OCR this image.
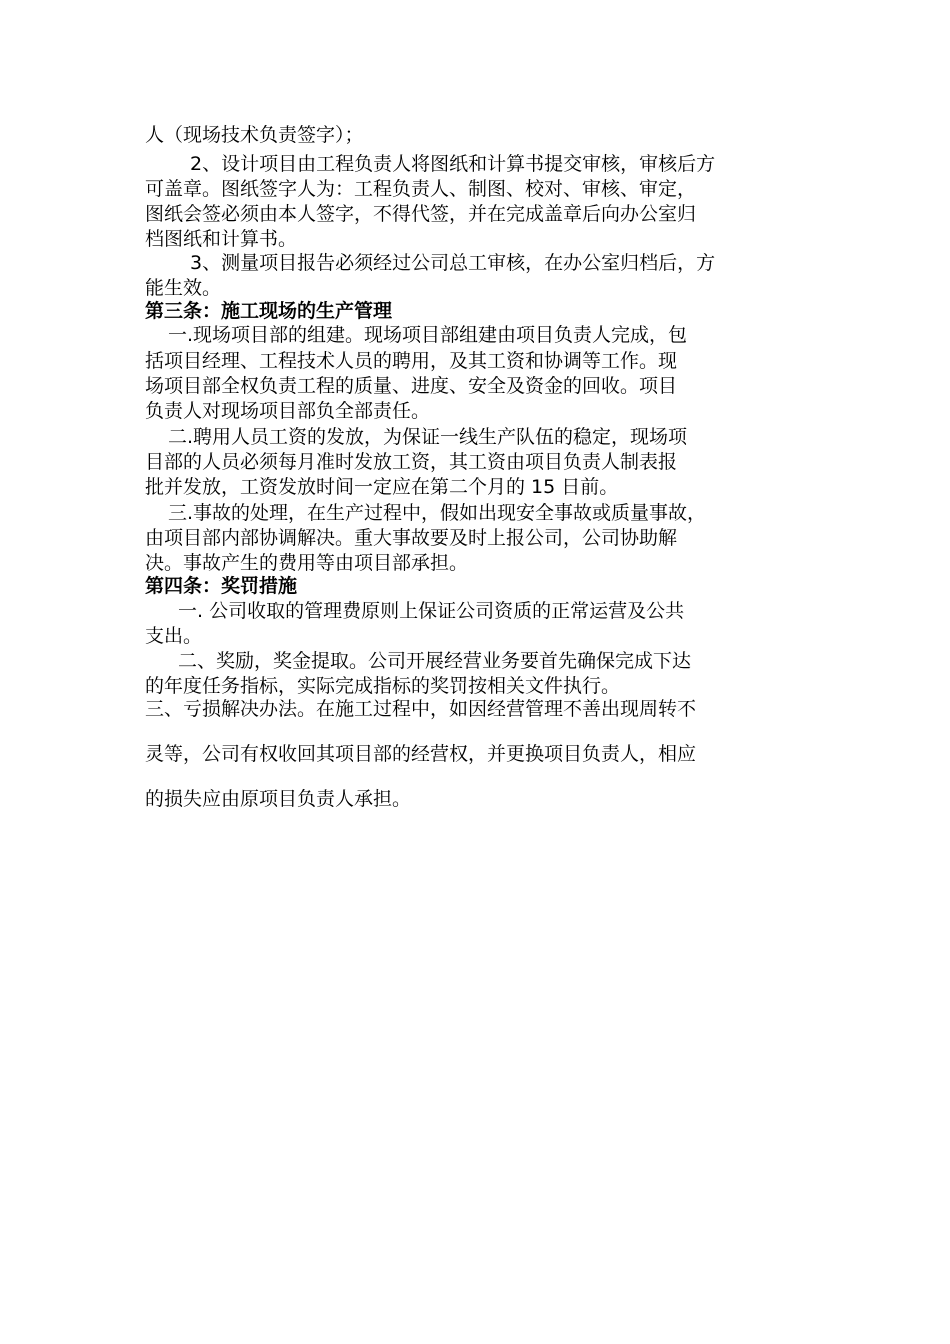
人（现场技术负责签字）；
2、设计项目由工程负责人将图纸和计算书提交审核，审核后方
可盖章。图纸签字人为：工程负责人、制图、校对、审核、审定，
图纸会签必须由本人签字，不得代签，并在完成盖章后向办公室归
档图纸和计算书。
3、测量项目报告必须经过公司总工审核，在办公室归档后，方
能生效。
第三条：施工现场的生产管理
一.现场项目部的组建。现场项目部组建由项目负责人完成，包
括项目经理、工程技术人员的聘用，及其工资和协调等工作。现
场项目部全权负责工程的质量、进度、安全及资金的回收。项目
负责人对现场项目部负全部责任。
二.聘用人员工资的发放，为保证一线生产队伍的稳定，现场项
目部的人员必须每月准时发放工资，其工资由项目负责人制表报
批并发放，工资发放时间一定应在第二个月的 15 日前。
三.事故的处理，在生产过程中，假如出现安全事故或质量事故，
由项目部内部协调解决。重大事故要及时上报公司，公司协助解
决。事故产生的费用等由项目部承担。
第四条：奖罚措施
一. 公司收取的管理费原则上保证公司资质的正常运营及公共
支出。
二、奖励，奖金提取。公司开展经营业务要首先确保完成下达
的年度任务指标，实际完成指标的奖罚按相关文件执行。
三、亏损解决办法。在施工过程中，如因经营管理不善出现周转不
灵等，公司有权收回其项目部的经营权，并更换项目负责人，相应
的损失应由原项目负责人承担。
